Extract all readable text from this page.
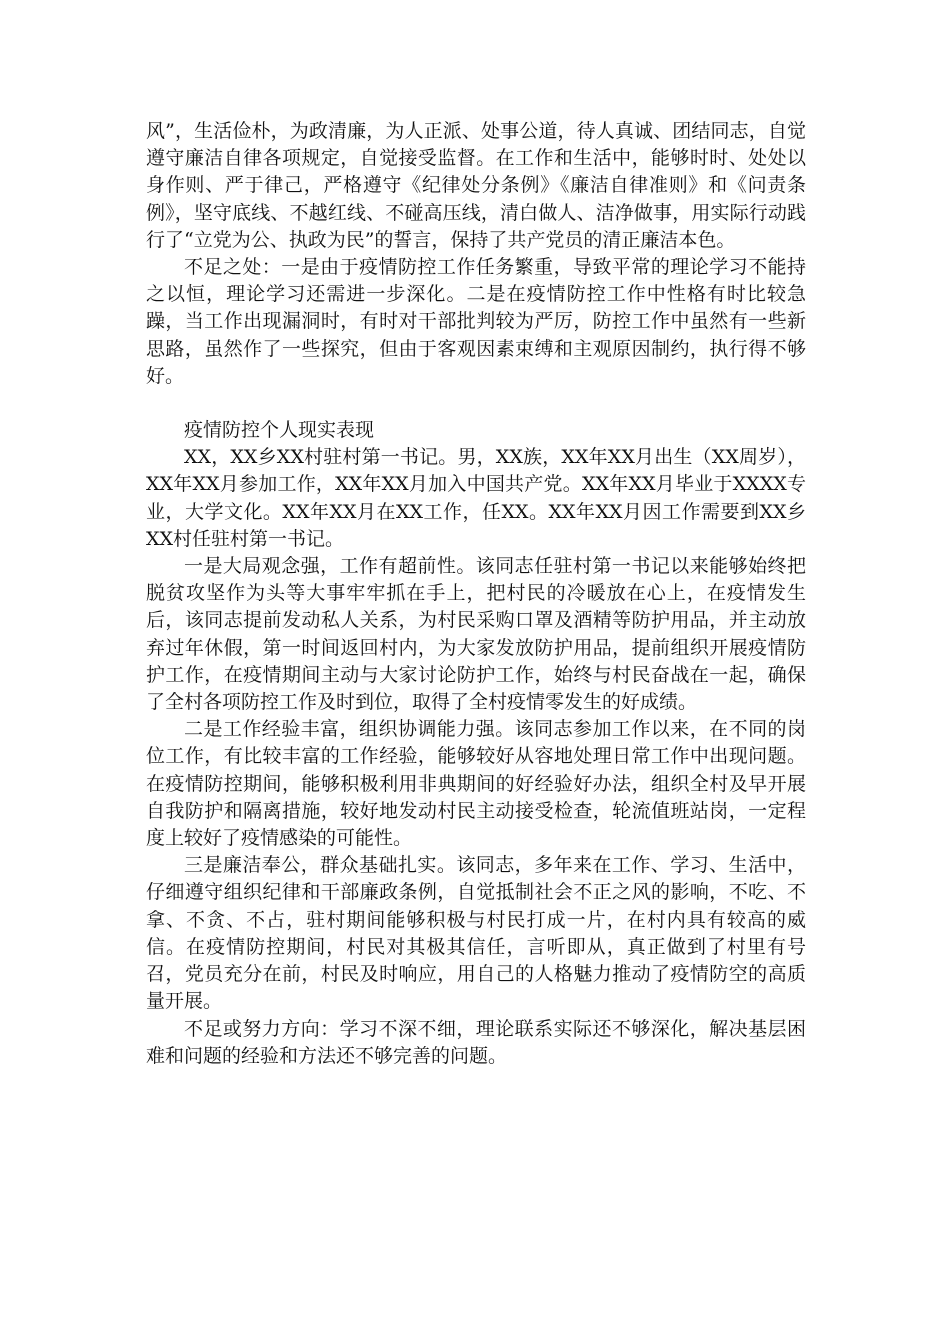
风”，生活俭朴，为政清廉，为人正派、处事公道，待人真诚、团结同志，自觉遵守廉洁自律各项规定，自觉接受监督。在工作和生活中，能够时时、处处以身作则、严于律己，严格遵守《纪律处分条例》《廉洁自律准则》和《问责条例》，坚守底线、不越红线、不碰高压线，清白做人、洁净做事，用实际行动践行了“立党为公、执政为民”的誓言，保持了共产党员的清正廉洁本色。

不足之处：一是由于疫情防控工作任务繁重，导致平常的理论学习不能持之以恒，理论学习还需进一步深化。二是在疫情防控工作中性格有时比较急躁，当工作出现漏洞时，有时对干部批判较为严厉，防控工作中虽然有一些新思路，虽然作了一些探究，但由于客观因素束缚和主观原因制约，执行得不够好。

疫情防控个人现实表现

XX，XX乡XX村驻村第一书记。男，XX族，XX年XX月出生（XX周岁），XX年XX月参加工作，XX年XX月加入中国共产党。XX年XX月毕业于XXXX专业，大学文化。XX年XX月在XX工作，任XX。XX年XX月因工作需要到XX乡XX村任驻村第一书记。

一是大局观念强，工作有超前性。该同志任驻村第一书记以来能够始终把脱贫攻坚作为头等大事牢牢抓在手上，把村民的冷暖放在心上，在疫情发生后，该同志提前发动私人关系，为村民采购口罩及酒精等防护用品，并主动放弃过年休假，第一时间返回村内，为大家发放防护用品，提前组织开展疫情防护工作，在疫情期间主动与大家讨论防护工作，始终与村民奋战在一起，确保了全村各项防控工作及时到位，取得了全村疫情零发生的好成绩。

二是工作经验丰富，组织协调能力强。该同志参加工作以来，在不同的岗位工作，有比较丰富的工作经验，能够较好从容地处理日常工作中出现问题。在疫情防控期间，能够积极利用非典期间的好经验好办法，组织全村及早开展自我防护和隔离措施，较好地发动村民主动接受检查，轮流值班站岗，一定程度上较好了疫情感染的可能性。

三是廉洁奉公，群众基础扎实。该同志，多年来在工作、学习、生活中，仔细遵守组织纪律和干部廉政条例，自觉抵制社会不正之风的影响，不吃、不拿、不贪、不占，驻村期间能够积极与村民打成一片，在村内具有较高的威信。在疫情防控期间，村民对其极其信任，言听即从，真正做到了村里有号召，党员充分在前，村民及时响应，用自己的人格魅力推动了疫情防空的高质量开展。

不足或努力方向：学习不深不细，理论联系实际还不够深化，解决基层困难和问题的经验和方法还不够完善的问题。
